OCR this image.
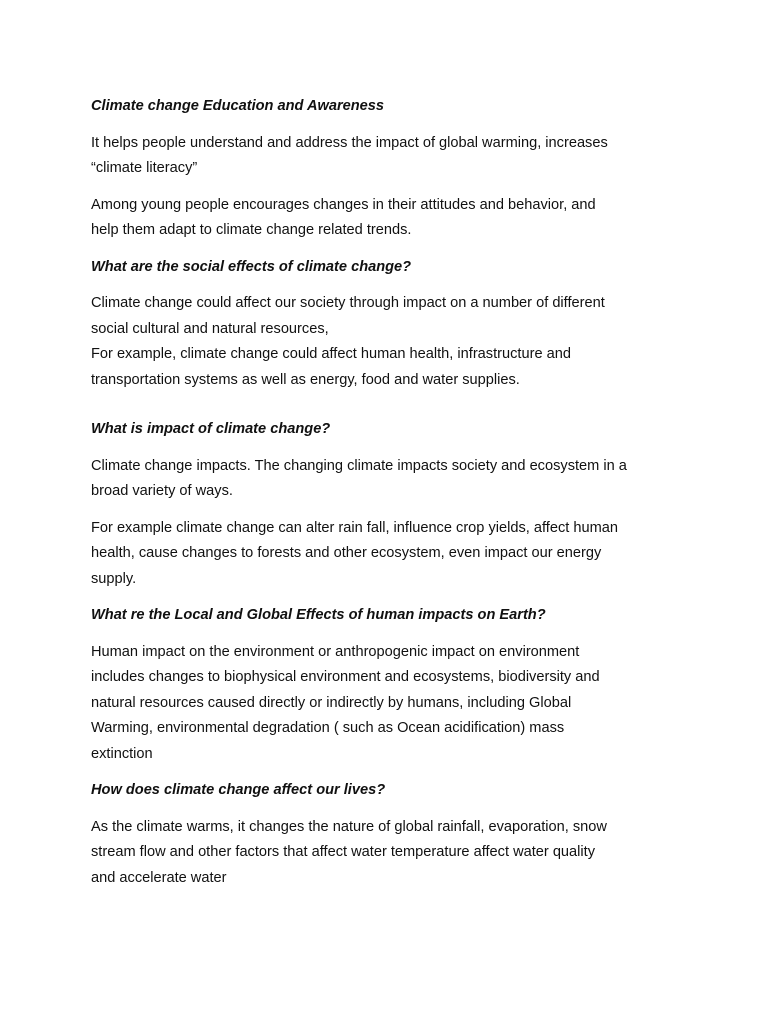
Climate change Education and Awareness
It helps people understand and address the impact of global warming, increases
“climate literacy”
Among young people encourages changes in their attitudes and behavior, and
help them adapt to climate change related trends.
What are the social effects of climate change?
Climate change could affect our society through impact on a number of different
social cultural and natural resources,
For example, climate change could affect human health, infrastructure and
transportation systems as well as energy, food and water supplies.
What is impact of climate change?
Climate change impacts. The changing climate impacts society and ecosystem in a
broad variety of ways.
For example climate change can alter rain fall, influence crop yields, affect human
health, cause changes to forests and other ecosystem, even impact our energy
supply.
What re the Local and Global Effects of human impacts on Earth?
Human impact on the environment or anthropogenic impact on environment
includes changes to biophysical environment and ecosystems, biodiversity and
natural resources caused directly or indirectly by humans, including Global
Warming, environmental degradation ( such as Ocean acidification) mass
extinction
How does climate change affect our lives?
As the climate warms, it changes the nature of global rainfall, evaporation, snow
stream flow and other factors that affect water temperature affect water quality
and accelerate water
